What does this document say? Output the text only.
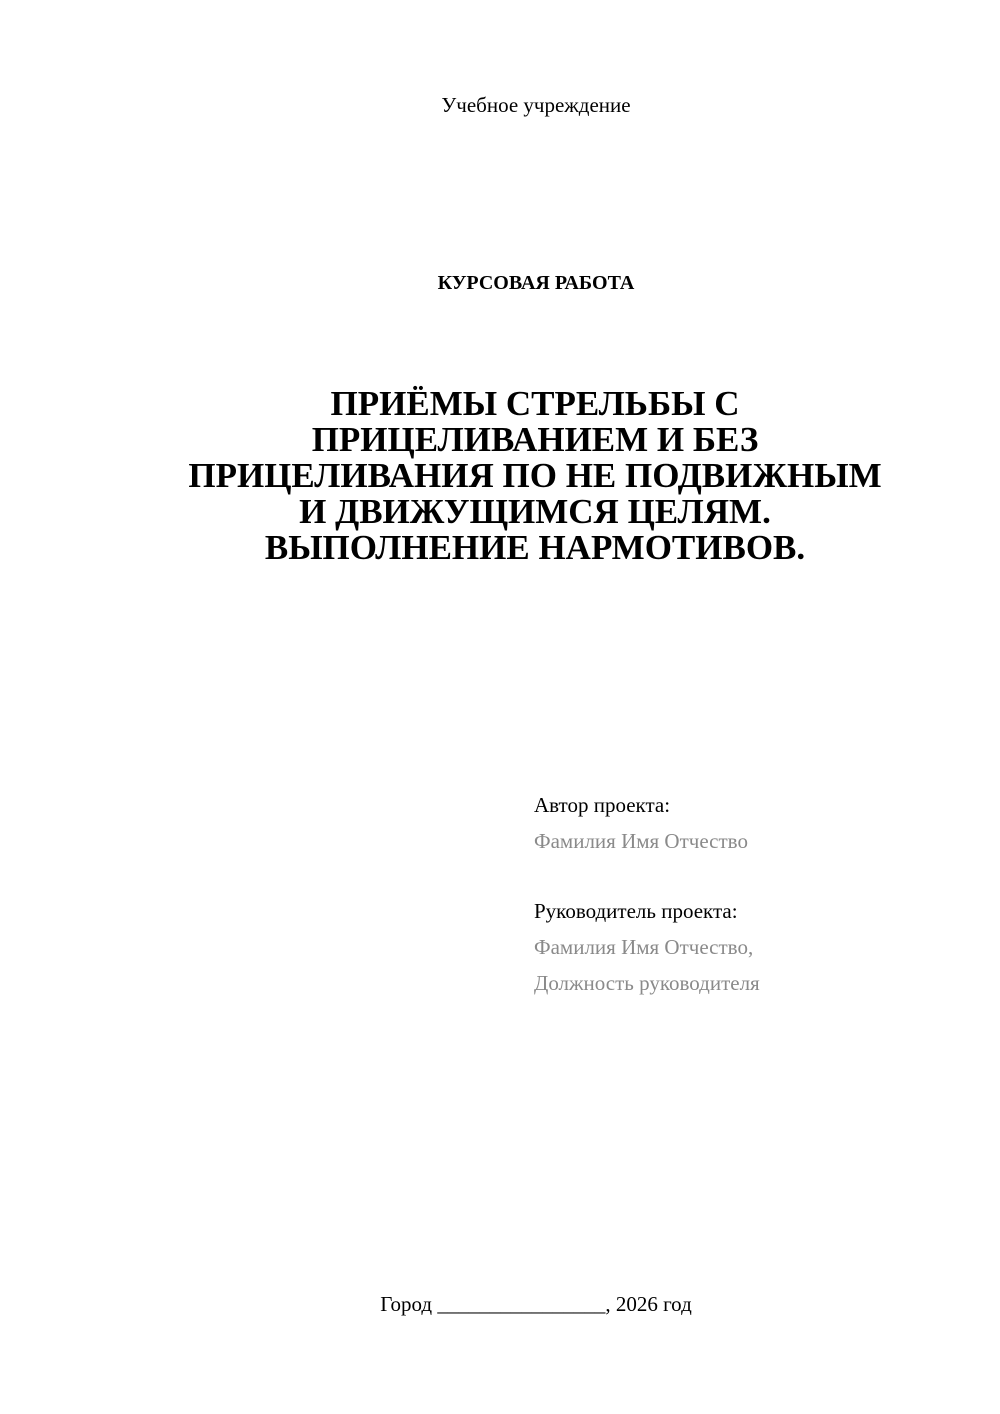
Учебное учреждение
КУРСОВАЯ РАБОТА
ПРИЁМЫ СТРЕЛЬБЫ С
ПРИЦЕЛИВАНИЕМ И БЕЗ
ПРИЦЕЛИВАНИЯ ПО НЕ ПОДВИЖНЫМ
И ДВИЖУЩИМСЯ ЦЕЛЯМ.
ВЫПОЛНЕНИЕ НАРМОТИВОВ.
Автор проекта:
Фамилия Имя Отчество
Руководитель проекта:
Фамилия Имя Отчество,
Должность руководителя
Город ________________, 2026 год
